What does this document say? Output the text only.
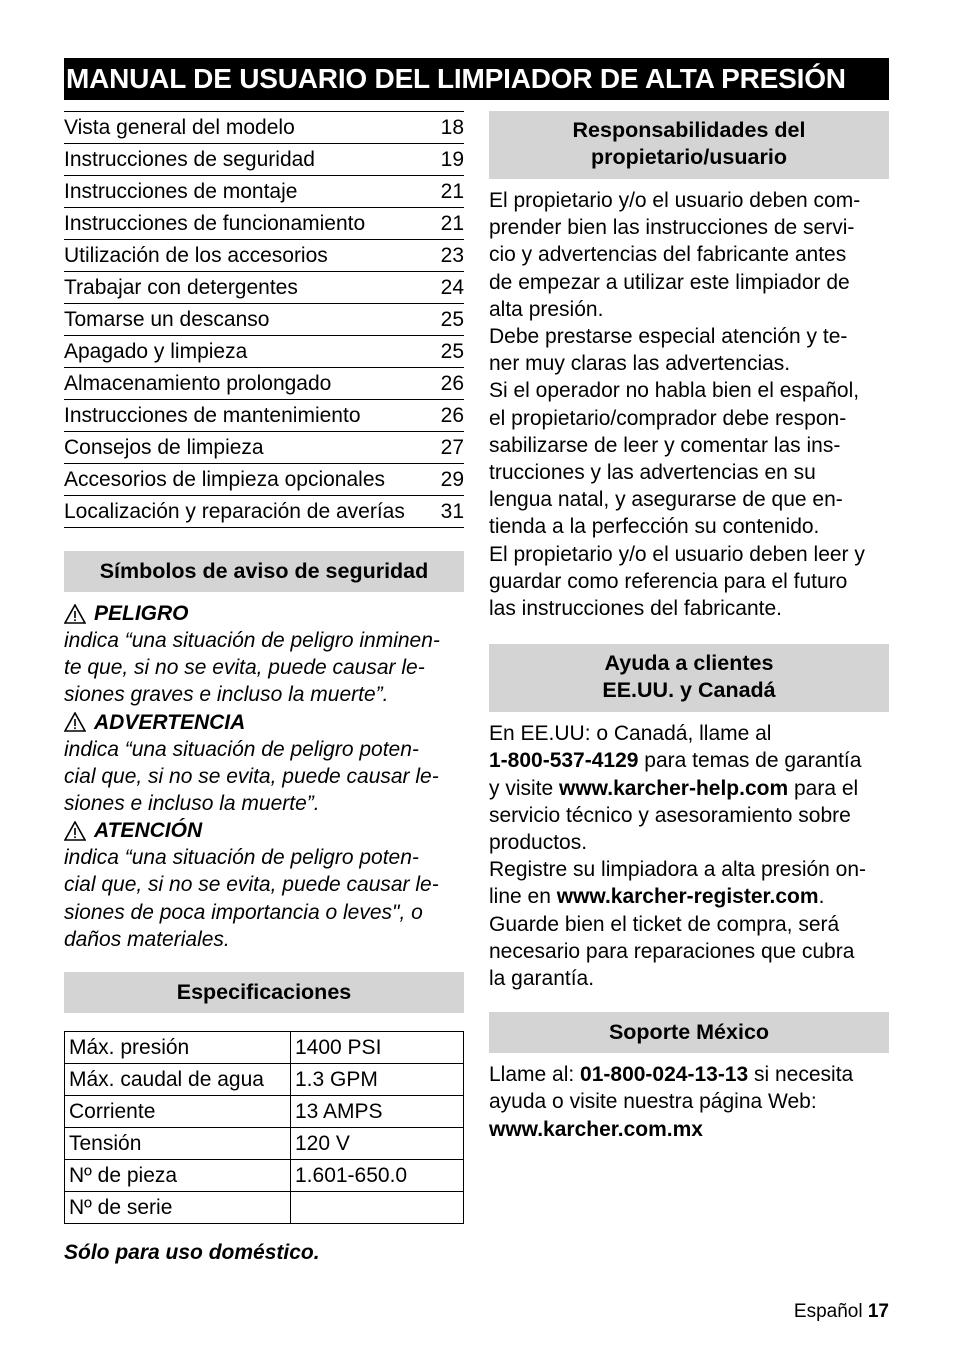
MANUAL DE USUARIO DEL LIMPIADOR DE ALTA PRESIÓN
Vista general del modelo	18
Instrucciones de seguridad	19
Instrucciones de montaje	21
Instrucciones de funcionamiento	21
Utilización de los accesorios	23
Trabajar con detergentes	24
Tomarse un descanso	25
Apagado y limpieza	25
Almacenamiento prolongado	26
Instrucciones de mantenimiento	26
Consejos de limpieza	27
Accesorios de limpieza opcionales	29
Localización y reparación de averías	31
Símbolos de aviso de seguridad
PELIGRO

indica “una situación de peligro inminen-

te que, si no se evita, puede causar le-

siones graves e incluso la muerte”.

ADVERTENCIA

indica “una situación de peligro poten-

cial que, si no se evita, puede causar le-

siones e incluso la muerte”.

ATENCIÓN

indica “una situación de peligro poten-

cial que, si no se evita, puede causar le-

siones de poca importancia o leves", o

daños materiales.

Especificaciones
Máx. presión	1400 PSI
Máx. caudal de agua	1.3 GPM
Corriente	13 AMPS
Tensión	120 V
Nº de pieza	1.601-650.0
Nº de serie	
Sólo para uso doméstico.
Responsabilidades del
propietario/usuario

El propietario y/o el usuario deben com-

prender bien las instrucciones de servi-

cio y advertencias del fabricante antes

de empezar a utilizar este limpiador de

alta presión.

Debe prestarse especial atención y te-

ner muy claras las advertencias.

Si el operador no habla bien el español,

el propietario/comprador debe respon-

sabilizarse de leer y comentar las ins-

trucciones y las advertencias en su

lengua natal, y asegurarse de que en-

tienda a la perfección su contenido.

El propietario y/o el usuario deben leer y

guardar como referencia para el futuro

las instrucciones del fabricante.

Ayuda a clientes
EE.UU. y Canadá

En EE.UU: o Canadá, llame al

1-800-537-4129 para temas de garantía

y visite www.karcher-help.com para el

servicio técnico y asesoramiento sobre

productos.

Registre su limpiadora a alta presión on-

line en www.karcher-register.com.

Guarde bien el ticket de compra, será

necesario para reparaciones que cubra

la garantía.

Soporte México

Llame al: 01-800-024-13-13 si necesita

ayuda o visite nuestra página Web:

www.karcher.com.mx

Español 17
